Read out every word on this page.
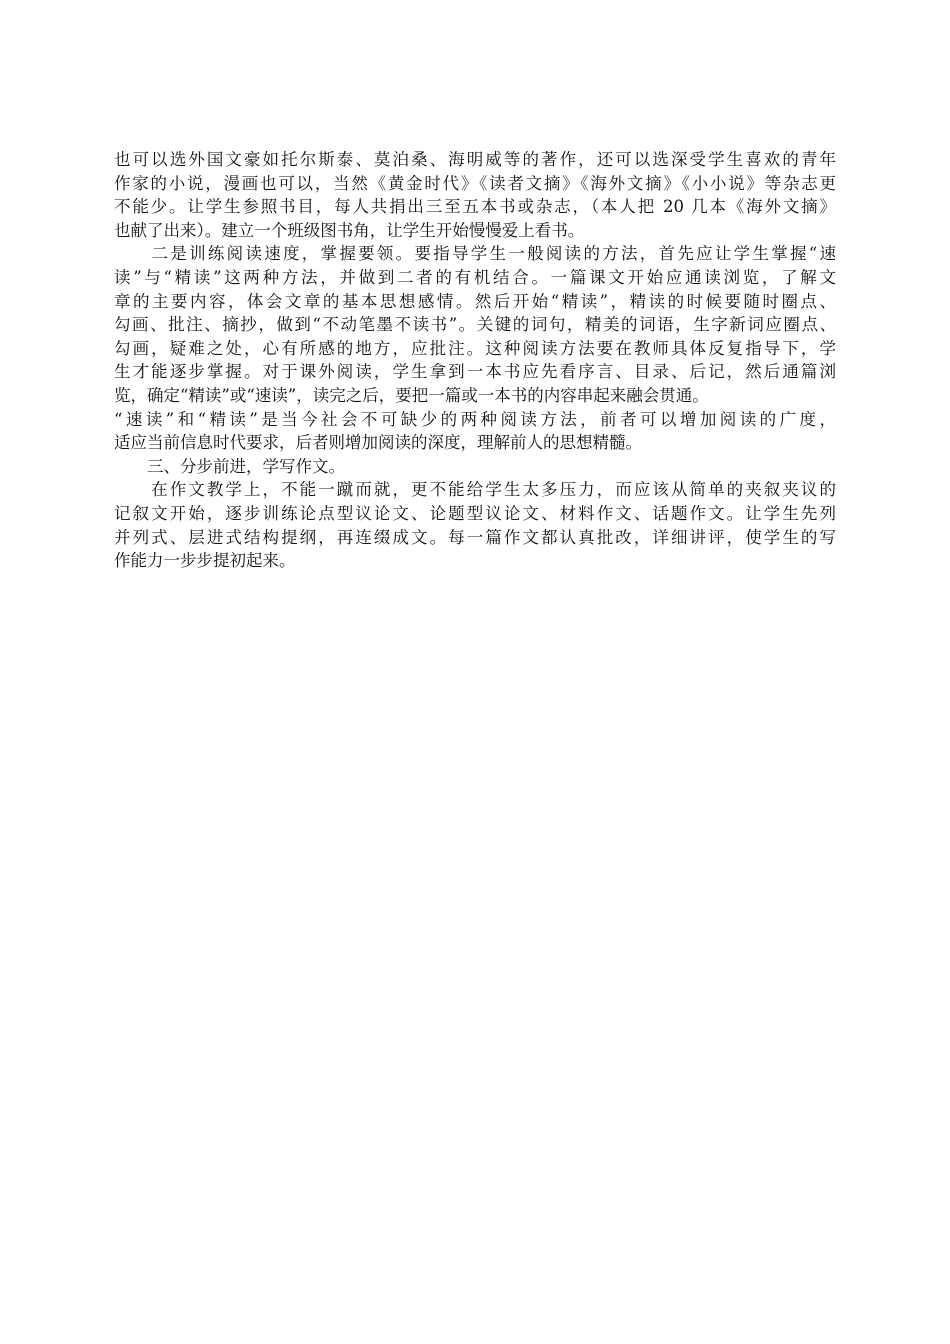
也可以选外国文豪如托尔斯泰、莫泊桑、海明威等的著作，还可以选深受学生喜欢的青年
作家的小说，漫画也可以，当然《黄金时代》《读者文摘》《海外文摘》《小小说》等杂志更
不能少。让学生参照书目，每人共捐出三至五本书或杂志，（本人把 20 几本《海外文摘》
也献了出来）。建立一个班级图书角，让学生开始慢慢爱上看书。
　　二是训练阅读速度，掌握要领。要指导学生一般阅读的方法，首先应让学生掌握“速
读”与“精读”这两种方法，并做到二者的有机结合。一篇课文开始应通读浏览，了解文
章的主要内容，体会文章的基本思想感情。然后开始“精读”，精读的时候要随时圈点、
勾画、批注、摘抄，做到“不动笔墨不读书”。关键的词句，精美的词语，生字新词应圈点、
勾画，疑难之处，心有所感的地方，应批注。这种阅读方法要在教师具体反复指导下，学
生才能逐步掌握。对于课外阅读，学生拿到一本书应先看序言、目录、后记，然后通篇浏
览，确定“精读”或“速读”，读完之后，要把一篇或一本书的内容串起来融会贯通。
“速读”和“精读”是当今社会不可缺少的两种阅读方法，前者可以增加阅读的广度，
适应当前信息时代要求，后者则增加阅读的深度，理解前人的思想精髓。
　　三、分步前进，学写作文。
　　在作文教学上，不能一蹴而就，更不能给学生太多压力，而应该从简单的夹叙夹议的
记叙文开始，逐步训练论点型议论文、论题型议论文、材料作文、话题作文。让学生先列
并列式、层进式结构提纲，再连缀成文。每一篇作文都认真批改，详细讲评，使学生的写
作能力一步步提初起来。
